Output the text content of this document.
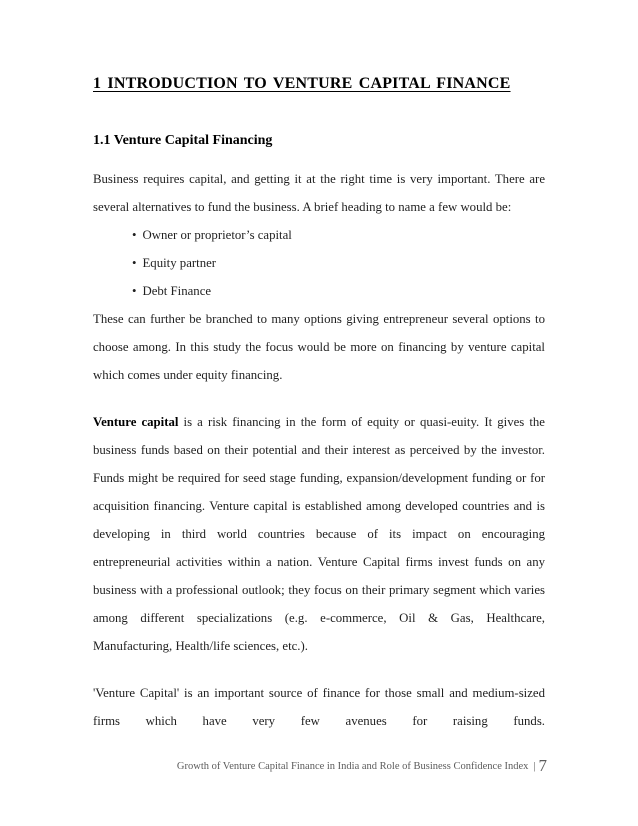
1 INTRODUCTION TO VENTURE CAPITAL FINANCE
1.1 Venture Capital Financing

Business requires capital, and getting it at the right time is very important. There are several alternatives to fund the business. A brief heading to name a few would be:

• Owner or proprietor’s capital
• Equity partner
• Debt Finance

These can further be branched to many options giving entrepreneur several options to choose among. In this study the focus would be more on financing by venture capital which comes under equity financing.

Venture capital is a risk financing in the form of equity or quasi-euity. It gives the business funds based on their potential and their interest as perceived by the investor. Funds might be required for seed stage funding, expansion/development funding or for acquisition financing. Venture capital is established among developed countries and is developing in third world countries because of its impact on encouraging entrepreneurial activities within a nation. Venture Capital firms invest funds on any business with a professional outlook; they focus on their primary segment which varies among different specializations (e.g. e-commerce, Oil & Gas, Healthcare, Manufacturing, Health/life sciences, etc.).

'Venture Capital' is an important source of finance for those small and medium-sized firms which have very few avenues for raising funds.

Growth of Venture Capital Finance in India and Role of Business Confidence Index | 7
